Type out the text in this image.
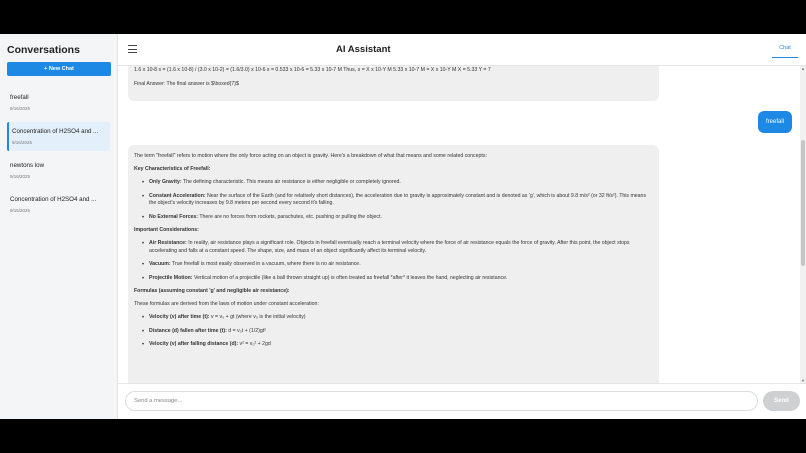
Conversations
+ New Chat
freefall
9/16/2025
Concentration of H2SO4 and ...
9/16/2025
newtons low
9/16/2025
Concentration of H2SO4 and ...
9/15/2025
AI Assistant	Chat

1.6 x 10-8 s = (1.6 x 10-8) / (3.0 x 10-2) = (1.6/3.0) x 10-6 s = 0.533 x 10-6 = 5.33 x 10-7 M Thus, s = X x 10-Y M 5.33 x 10-7 M = X x 10-Y M X = 5.33 Y = 7

Final Answer: The final answer is $\boxed{7}$

freefall

The term "freefall" refers to motion where the only force acting on an object is gravity. Here's a breakdown of what that means and some related concepts:

Key Characteristics of Freefall:

• Only Gravity: The defining characteristic. This means air resistance is either negligible or completely ignored.
• Constant Acceleration: Near the surface of the Earth (and for relatively short distances), the acceleration due to gravity is approximately constant and is denoted as 'g', which is about 9.8 m/s² (or 32 ft/s²). This means the object's velocity increases by 9.8 meters per second every second it's falling.
• No External Forces: There are no forces from rockets, parachutes, etc. pushing or pulling the object.

Important Considerations:

• Air Resistance: In reality, air resistance plays a significant role. Objects in freefall eventually reach a terminal velocity where the force of air resistance equals the force of gravity. After this point, the object stops accelerating and falls at a constant speed. The shape, size, and mass of an object significantly affect its terminal velocity.
• Vacuum: True freefall is most easily observed in a vacuum, where there is no air resistance.
• Projectile Motion: Vertical motion of a projectile (like a ball thrown straight up) is often treated as freefall *after* it leaves the hand, neglecting air resistance.

Formulas (assuming constant 'g' and negligible air resistance):

These formulas are derived from the laws of motion under constant acceleration:

• Velocity (v) after time (t): v = v₀ + gt (where v₀ is the initial velocity)
• Distance (d) fallen after time (t): d = v₀t + (1/2)gt²
• Velocity (v) after falling distance (d): v² = v₀² + 2gd
▲
▼
Send a message...
Send
